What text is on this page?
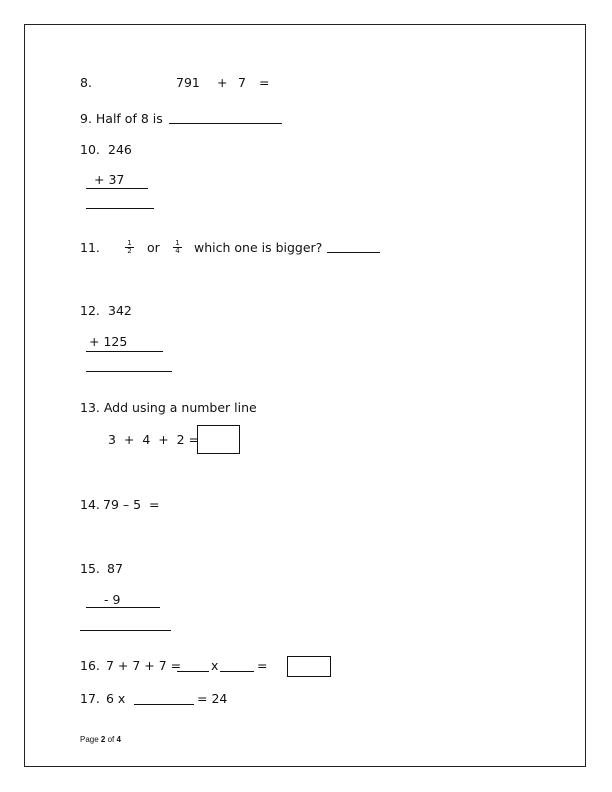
8.	791 + 7 =
9. Half of 8 is
10. 246
+ 37
11.	$\frac{1}{2}$ or $\frac{1}{4}$ which one is bigger?
12. 342
+ 125
13. Add using a number line
3  +  4  +  2 =
14. 79 – 5  =
15. 87
- 9
16. 7 + 7 + 7 = x	=
17. 6 x	= 24
Page 2 of 4
